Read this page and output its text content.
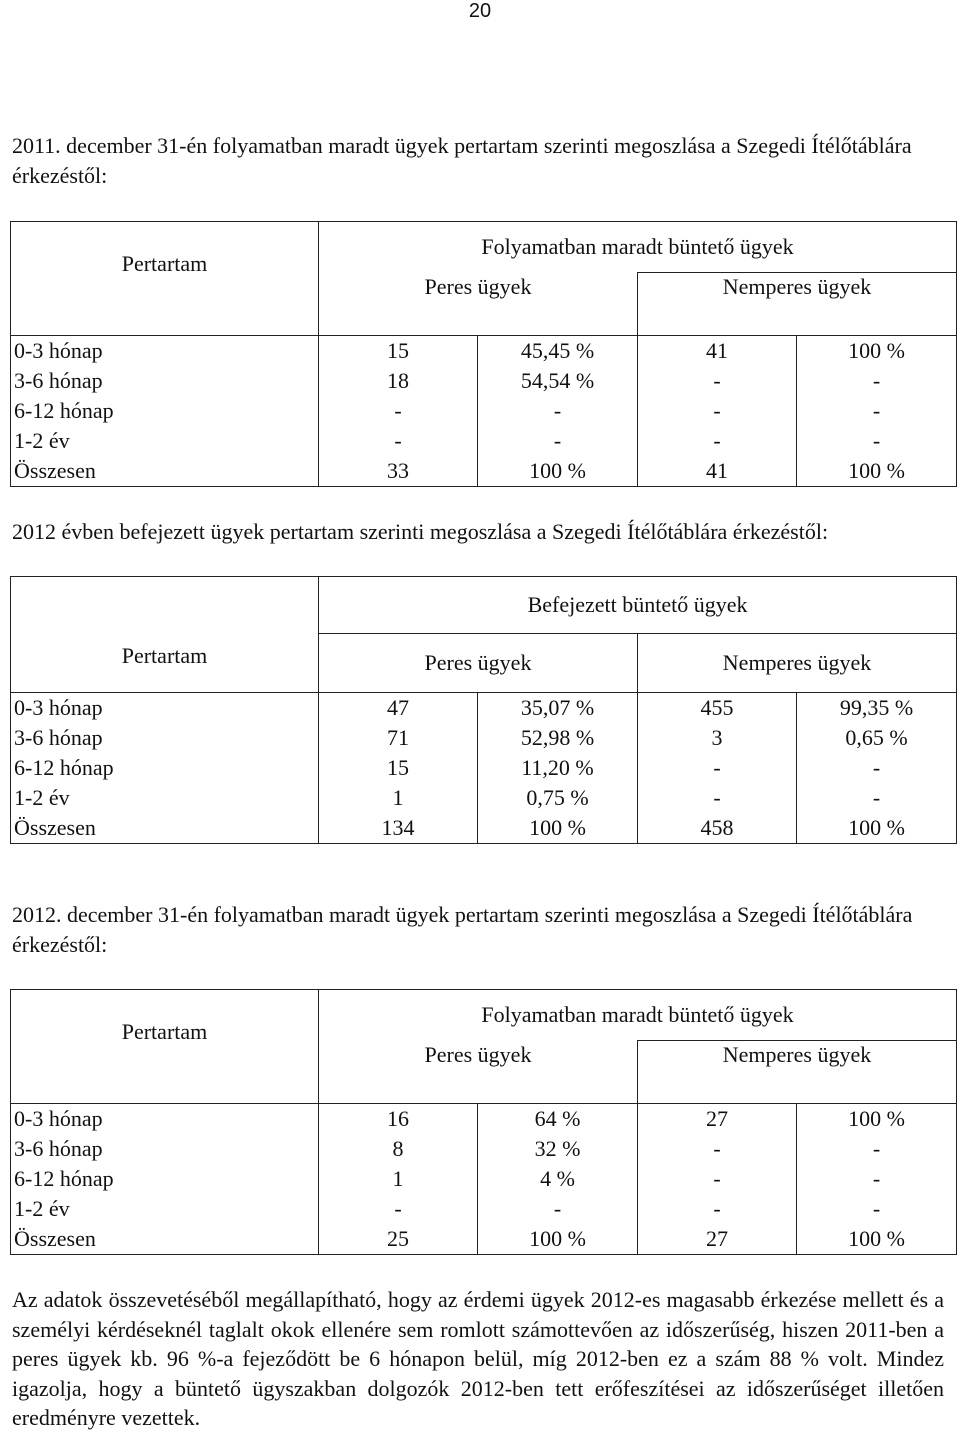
20

2011. december 31-én folyamatban maradt ügyek pertartam szerinti megoszlása a Szegedi Ítélőtáblára érkezéstől:

Pertartam	Folyamatban maradt büntető ügyek			
	Peres ügyek		Nemperes ügyek	
0-3 hónap	15	45,45 %	41	100 %
3-6 hónap	18	54,54 %	-	-
6-12 hónap	-	-	-	-
1-2 év	-	-	-	-
Összesen	33	100 %	41	100 %

2012 évben befejezett ügyek pertartam szerinti megoszlása a Szegedi Ítélőtáblára érkezéstől:

Pertartam	Befejezett büntető ügyek			
	Peres ügyek		Nemperes ügyek	
0-3 hónap	47	35,07 %	455	99,35 %
3-6 hónap	71	52,98 %	3	0,65 %
6-12 hónap	15	11,20 %	-	-
1-2 év	1	0,75 %	-	-
Összesen	134	100 %	458	100 %

2012. december 31-én folyamatban maradt ügyek pertartam szerinti megoszlása a Szegedi Ítélőtáblára érkezéstől:

Pertartam	Folyamatban maradt büntető ügyek			
	Peres ügyek		Nemperes ügyek	
0-3 hónap	16	64 %	27	100 %
3-6 hónap	8	32 %	-	-
6-12 hónap	1	4 %	-	-
1-2 év	-	-	-	-
Összesen	25	100 %	27	100 %

Az adatok összevetéséből megállapítható, hogy az érdemi ügyek 2012-es magasabb érkezése mellett és a személyi kérdéseknél taglalt okok ellenére sem romlott számottevően az időszerűség, hiszen 2011-ben a peres ügyek kb. 96 %-a fejeződött be 6 hónapon belül, míg 2012-ben ez a szám 88 % volt. Mindez igazolja, hogy a büntető ügyszakban dolgozók 2012-ben tett erőfeszítései az időszerűséget illetően eredményre vezettek.
